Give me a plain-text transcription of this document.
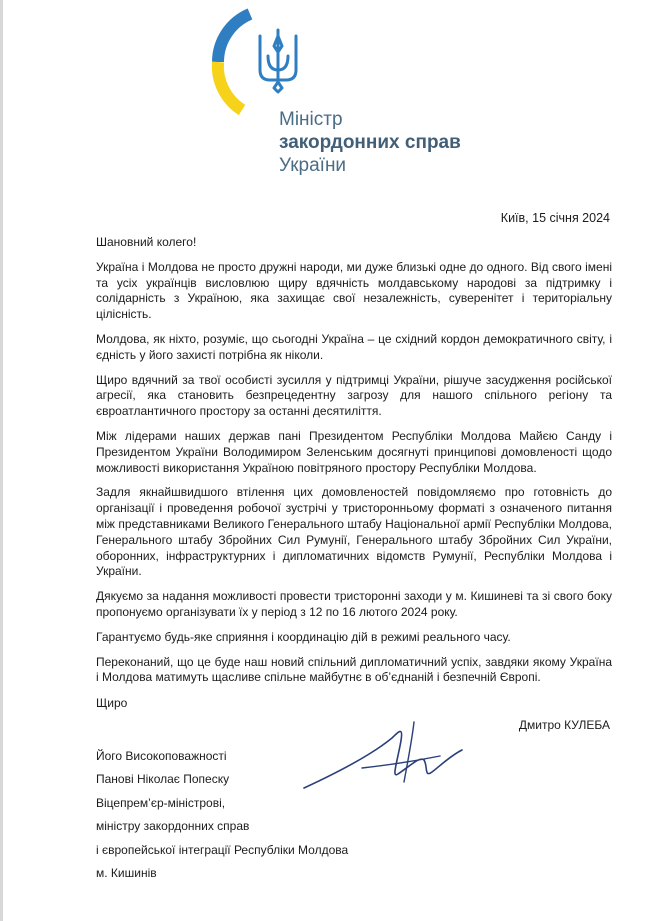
Міністр
закордонних справ
України
Київ, 15 січня 2024

Шановний колего!

Україна і Молдова не просто дружні народи, ми дуже близькі одне до одного. Від свого імені та усіх українців висловлюю щиру вдячність молдавському народові за підтримку і солідарність з Україною, яка захищає свої незалежність, суверенітет і територіальну цілісність.

Молдова, як ніхто, розуміє, що сьогодні Україна – це східний кордон демократичного світу, і єдність у його захисті потрібна як ніколи.

Щиро вдячний за твої особисті зусилля у підтримці України, рішуче засудження російської агресії, яка становить безпрецедентну загрозу для нашого спільного регіону та євроатлантичного простору за останні десятиліття.

Між лідерами наших держав пані Президентом Республіки Молдова Майєю Санду і Президентом України Володимиром Зеленським досягнуті принципові домовленості щодо можливості використання Україною повітряного простору Республіки Молдова.

Задля якнайшвидшого втілення цих домовленостей повідомляємо про готовність до організації і проведення робочої зустрічі у тристоронньому форматі з означеного питання між представниками Великого Генерального штабу Національної армії Республіки Молдова, Генерального штабу Збройних Сил Румунії, Генерального штабу Збройних Сил України, оборонних, інфраструктурних і дипломатичних відомств Румунії, Республіки Молдова і України.

Дякуємо за надання можливості провести тристоронні заходи у м. Кишиневі та зі свого боку пропонуємо організувати їх у період з 12 по 16 лютого 2024 року.

Гарантуємо будь-яке сприяння і координацію дій в режимі реального часу.

Переконаний, що це буде наш новий спільний дипломатичний успіх, завдяки якому Україна і Молдова матимуть щасливе спільне майбутнє в об’єднаній і безпечній Європі.

Щиро
Дмитро КУЛЕБА
Його Високоповажності
Панові Ніколає Попеску
Віцепрем’єр-міністрові,
міністру закордонних справ
і європейської інтеграції Республіки Молдова
м. Кишинів
